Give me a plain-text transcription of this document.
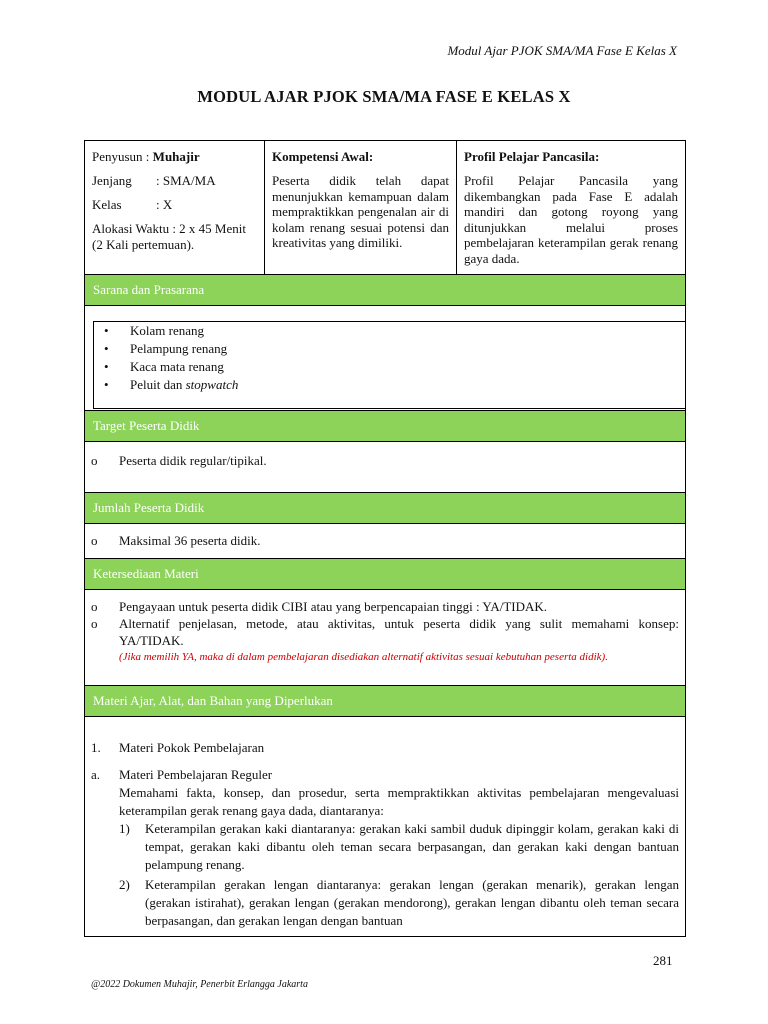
Modul Ajar PJOK SMA/MA Fase E Kelas X
MODUL AJAR PJOK SMA/MA FASE E KELAS X
Penyusun : Muhajir
Jenjang	: SMA/MA
Kelas	: X
Alokasi Waktu : 2 x 45 Menit (2 Kali pertemuan).
Kompetensi Awal:
Peserta didik telah dapat menunjukkan kemampuan dalam mempraktikkan pengenalan air di kolam renang sesuai potensi dan kreativitas yang dimiliki.
Profil Pelajar Pancasila:
Profil Pelajar Pancasila yang dikembangkan pada Fase E adalah mandiri dan gotong royong yang ditunjukkan melalui proses pembelajaran keterampilan gerak renang gaya dada.
Sarana dan Prasarana
• Kolam renang
• Pelampung renang
• Kaca mata renang
• Peluit dan stopwatch
Target Peserta Didik
o Peserta didik regular/tipikal.
Jumlah Peserta Didik
o Maksimal 36 peserta didik.
Ketersediaan Materi
o Pengayaan untuk peserta didik CIBI atau yang berpencapaian tinggi : YA/TIDAK.
o	Alternatif penjelasan, metode, atau aktivitas, untuk peserta didik yang sulit memahami konsep: YA/TIDAK.
(Jika memilih YA, maka di dalam pembelajaran disediakan alternatif aktivitas sesuai kebutuhan peserta didik).
Materi Ajar, Alat, dan Bahan yang Diperlukan
1. Materi Pokok Pembelajaran
a. Materi Pembelajaran Reguler
Memahami fakta, konsep, dan prosedur, serta mempraktikkan aktivitas pembelajaran mengevaluasi keterampilan gerak renang gaya dada, diantaranya:
1) Keterampilan gerakan kaki diantaranya: gerakan kaki sambil duduk dipinggir kolam, gerakan kaki di tempat, gerakan kaki dibantu oleh teman secara berpasangan, dan gerakan kaki dengan bantuan pelampung renang.
2) Keterampilan gerakan lengan diantaranya: gerakan lengan (gerakan menarik), gerakan lengan (gerakan istirahat), gerakan lengan (gerakan mendorong), gerakan lengan dibantu oleh teman secara berpasangan, dan gerakan lengan dengan bantuan
281
@2022 Dokumen Muhajir, Penerbit Erlangga Jakarta
